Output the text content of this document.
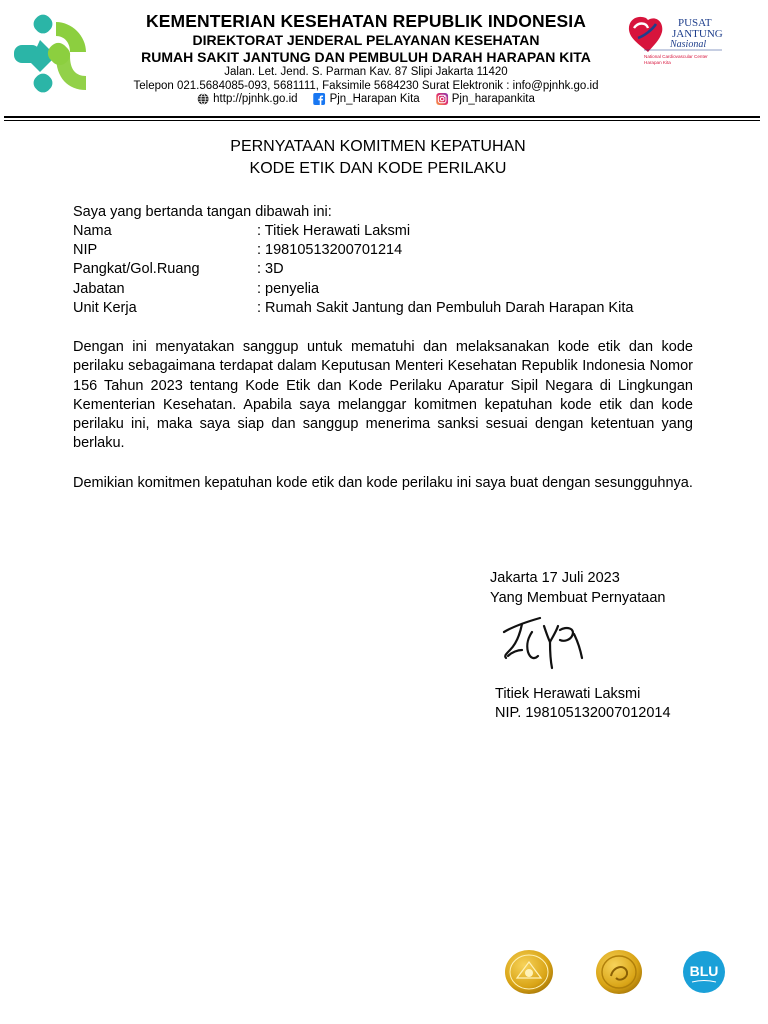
KEMENTERIAN KESEHATAN REPUBLIK INDONESIA
DIREKTORAT JENDERAL PELAYANAN KESEHATAN
RUMAH SAKIT JANTUNG DAN PEMBULUH DARAH HARAPAN KITA
Jalan. Let. Jend. S. Parman Kav. 87 Slipi Jakarta 11420
Telepon 021.5684085-093, 5681111, Faksimile 5684230 Surat Elektronik : info@pjnhk.go.id
http://pjnhk.go.id	Pjn_Harapan Kita	Pjn_harapankita
PUSAT
JANTUNG
Nasional
National Cardiovascular Center
Harapan Kita
PERNYATAAN KOMITMEN KEPATUHAN
KODE ETIK DAN KODE PERILAKU
Saya yang bertanda tangan dibawah ini:
Nama	: Titiek Herawati Laksmi
NIP	: 19810513200701214
Pangkat/Gol.Ruang	: 3D
Jabatan	: penyelia
Unit Kerja	: Rumah Sakit Jantung dan Pembuluh Darah Harapan Kita
Dengan ini menyatakan sanggup untuk mematuhi dan melaksanakan kode etik dan kode perilaku sebagaimana terdapat dalam Keputusan Menteri Kesehatan Republik Indonesia Nomor 156 Tahun 2023 tentang Kode Etik dan Kode Perilaku Aparatur Sipil Negara di Lingkungan Kementerian Kesehatan. Apabila saya melanggar komitmen kepatuhan kode etik dan kode perilaku ini, maka saya siap dan sanggup menerima sanksi sesuai dengan ketentuan yang berlaku.
Demikian komitmen kepatuhan kode etik dan kode perilaku ini saya buat dengan sesungguhnya.
Jakarta 17 Juli 2023
Yang Membuat Pernyataan
Titiek Herawati Laksmi
NIP. 198105132007012014
BLU
